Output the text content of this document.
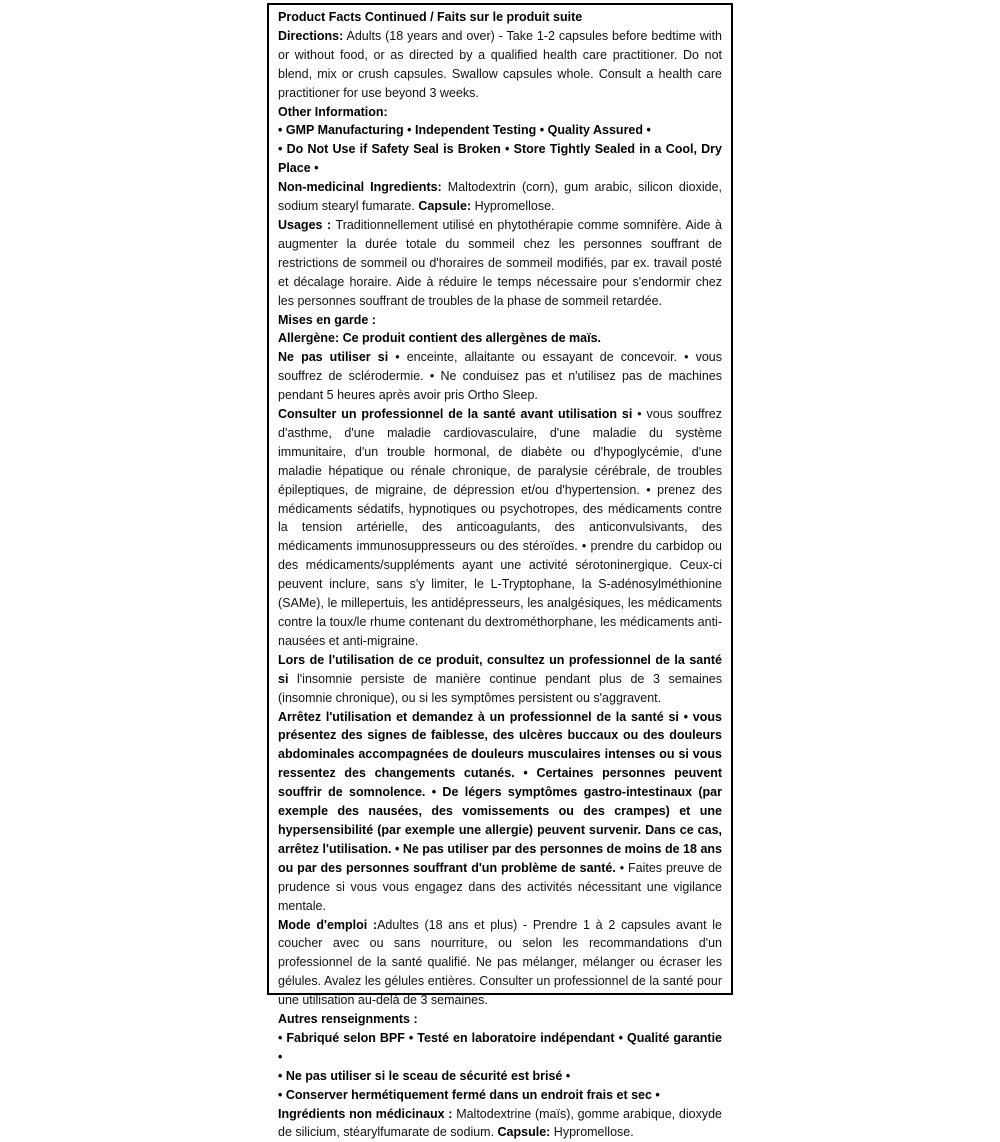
Product Facts Continued / Faits sur le produit suite

Directions: Adults (18 years and over) - Take 1-2 capsules before bedtime with or without food, or as directed by a qualified health care practitioner. Do not blend, mix or crush capsules. Swallow capsules whole. Consult a health care practitioner for use beyond 3 weeks.

Other Information:

• GMP Manufacturing • Independent Testing • Quality Assured •

• Do Not Use if Safety Seal is Broken • Store Tightly Sealed in a Cool, Dry Place •

Non-medicinal Ingredients: Maltodextrin (corn), gum arabic, silicon dioxide, sodium stearyl fumarate. Capsule: Hypromellose.

Usages : Traditionnellement utilisé en phytothérapie comme somnifère. Aide à augmenter la durée totale du sommeil chez les personnes souffrant de restrictions de sommeil ou d'horaires de sommeil modifiés, par ex. travail posté et décalage horaire. Aide à réduire le temps nécessaire pour s'endormir chez les personnes souffrant de troubles de la phase de sommeil retardée.

Mises en garde :

Allergène: Ce produit contient des allergènes de maïs.

Ne pas utiliser si • enceinte, allaitante ou essayant de concevoir. • vous souffrez de sclérodermie. • Ne conduisez pas et n'utilisez pas de machines pendant 5 heures après avoir pris Ortho Sleep.

Consulter un professionnel de la santé avant utilisation si • vous souffrez d'asthme, d'une maladie cardiovasculaire, d'une maladie du système immunitaire, d'un trouble hormonal, de diabète ou d'hypoglycémie, d'une maladie hépatique ou rénale chronique, de paralysie cérébrale, de troubles épileptiques, de migraine, de dépression et/ou d'hypertension. • prenez des médicaments sédatifs, hypnotiques ou psychotropes, des médicaments contre la tension artérielle, des anticoagulants, des anticonvulsivants, des médicaments immunosuppresseurs ou des stéroïdes. • prendre du carbidop ou des médicaments/suppléments ayant une activité sérotoninergique. Ceux-ci peuvent inclure, sans s'y limiter, le L-Tryptophane, la S-adénosylméthionine (SAMe), le millepertuis, les antidépresseurs, les analgésiques, les médicaments contre la toux/le rhume contenant du dextrométhorphane, les médicaments anti-nausées et anti-migraine.

Lors de l'utilisation de ce produit, consultez un professionnel de la santé si l'insomnie persiste de manière continue pendant plus de 3 semaines (insomnie chronique), ou si les symptômes persistent ou s'aggravent.

Arrêtez l'utilisation et demandez à un professionnel de la santé si • vous présentez des signes de faiblesse, des ulcères buccaux ou des douleurs abdominales accompagnées de douleurs musculaires intenses ou si vous ressentez des changements cutanés. • Certaines personnes peuvent souffrir de somnolence. • De légers symptômes gastro-intestinaux (par exemple des nausées, des vomissements ou des crampes) et une hypersensibilité (par exemple une allergie) peuvent survenir. Dans ce cas, arrêtez l'utilisation. • Ne pas utiliser par des personnes de moins de 18 ans ou par des personnes souffrant d'un problème de santé. • Faites preuve de prudence si vous vous engagez dans des activités nécessitant une vigilance mentale.

Mode d'emploi :Adultes (18 ans et plus) - Prendre 1 à 2 capsules avant le coucher avec ou sans nourriture, ou selon les recommandations d'un professionnel de la santé qualifié. Ne pas mélanger, mélanger ou écraser les gélules. Avalez les gélules entières. Consulter un professionnel de la santé pour une utilisation au-delà de 3 semaines.

Autres renseignments :

• Fabriqué selon BPF • Testé en laboratoire indépendant • Qualité garantie •

• Ne pas utiliser si le sceau de sécurité est brisé •

• Conserver hermétiquement fermé dans un endroit frais et sec •

Ingrédients non médicinaux : Maltodextrine (maïs), gomme arabique, dioxyde de silicium, stéarylfumarate de sodium. Capsule: Hypromellose.
